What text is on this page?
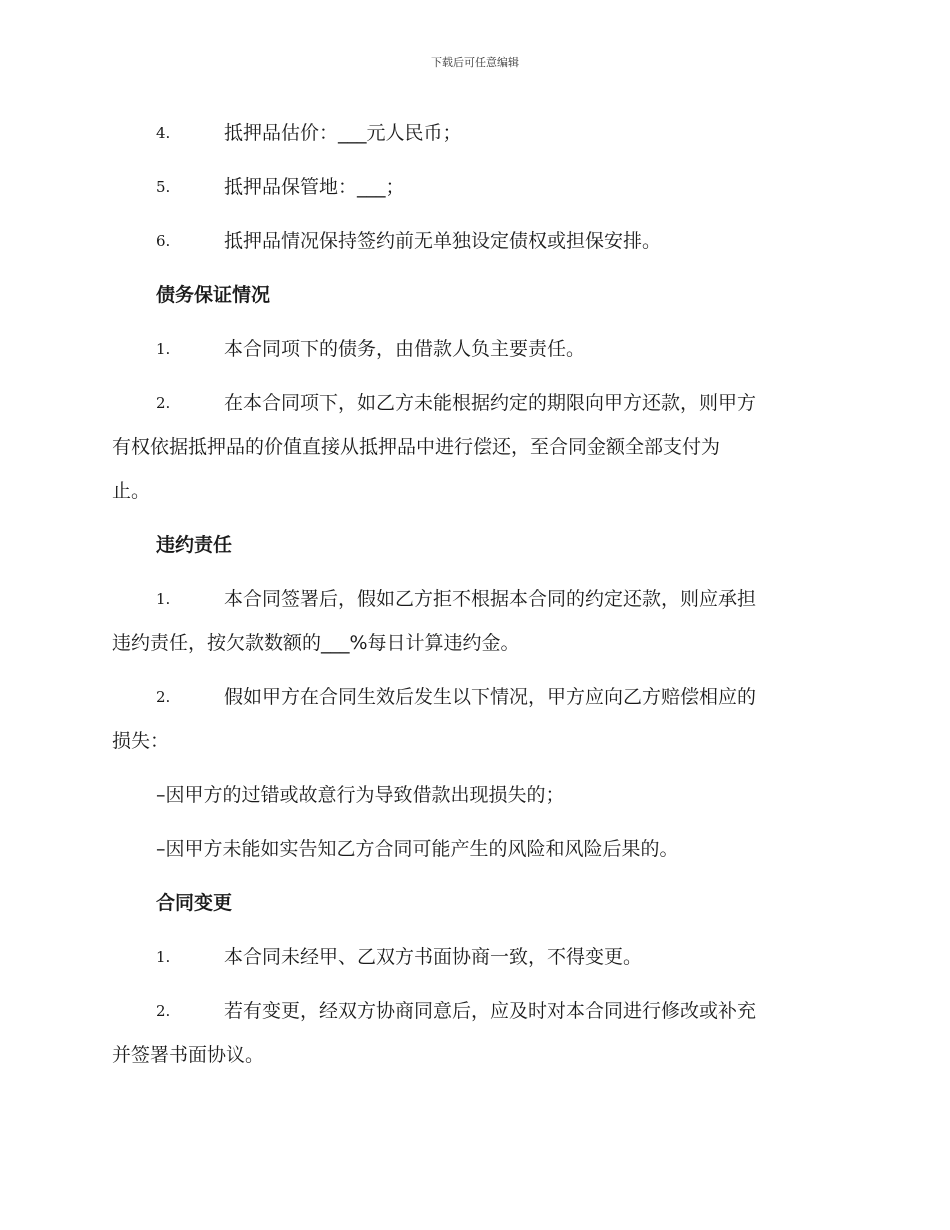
下载后可任意编辑
4.	抵押品估价：___元人民币；
5.	抵押品保管地：___；
6.	抵押品情况保持签约前无单独设定债权或担保安排。
债务保证情况
1.	本合同项下的债务，由借款人负主要责任。
2.	在本合同项下，如乙方未能根据约定的期限向甲方还款，则甲方
有权依据抵押品的价值直接从抵押品中进行偿还，至合同金额全部支付为
止。
违约责任
1.	本合同签署后，假如乙方拒不根据本合同的约定还款，则应承担
违约责任，按欠款数额的___%每日计算违约金。
2.	假如甲方在合同生效后发生以下情况，甲方应向乙方赔偿相应的
损失：
–因甲方的过错或故意行为导致借款出现损失的；
–因甲方未能如实告知乙方合同可能产生的风险和风险后果的。
合同变更
1.	本合同未经甲、乙双方书面协商一致，不得变更。
2.	若有变更，经双方协商同意后，应及时对本合同进行修改或补充
并签署书面协议。
